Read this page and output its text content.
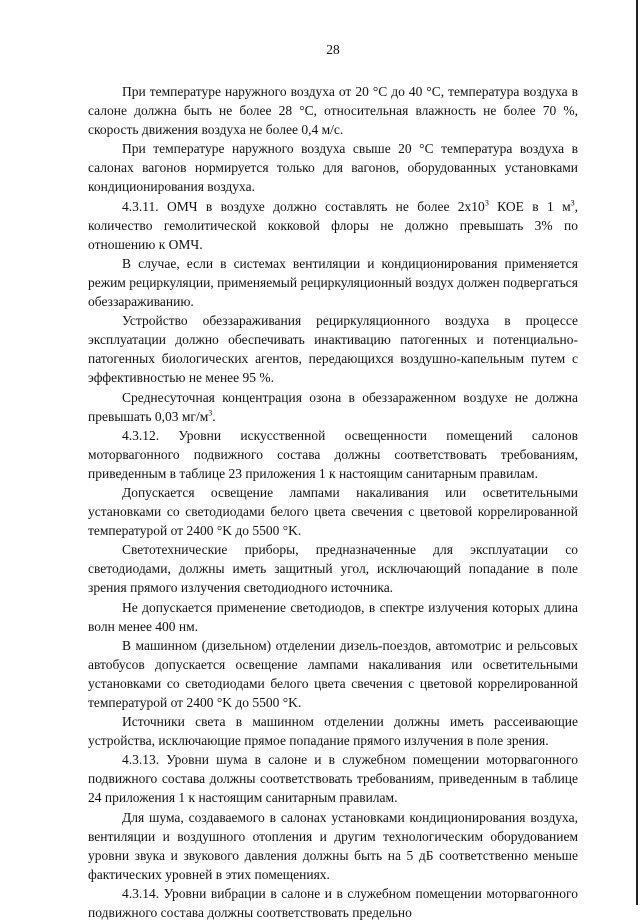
28

При температуре наружного воздуха от 20 °С до 40 °С, температура воздуха в салоне должна быть не более 28 °С, относительная влажность не более 70 %, скорость движения воздуха не более 0,4 м/с.

При температуре наружного воздуха свыше 20 °С температура воздуха в салонах вагонов нормируется только для вагонов, оборудованных установками кондиционирования воздуха.

4.3.11. ОМЧ в воздухе должно составлять не более $2х10^3$ КОЕ в 1 $м^3$, количество гемолитической кокковой флоры не должно превышать 3% по отношению к ОМЧ.

В случае, если в системах вентиляции и кондиционирования применяется режим рециркуляции, применяемый рециркуляционный воздух должен подвергаться обеззараживанию.

Устройство обеззараживания рециркуляционного воздуха в процессе эксплуатации должно обеспечивать инактивацию патогенных и потенциально-патогенных биологических агентов, передающихся воздушно-капельным путем с эффективностью не менее 95 %.

Среднесуточная концентрация озона в обеззараженном воздухе не должна превышать 0,03 $мг/м^3$.

4.3.12. Уровни искусственной освещенности помещений салонов моторвагонного подвижного состава должны соответствовать требованиям, приведенным в таблице 23 приложения 1 к настоящим санитарным правилам.

Допускается освещение лампами накаливания или осветительными установками со светодиодами белого цвета свечения с цветовой коррелированной температурой от 2400 °K до 5500 °K.

Светотехнические приборы, предназначенные для эксплуатации со светодиодами, должны иметь защитный угол, исключающий попадание в поле зрения прямого излучения светодиодного источника.

Не допускается применение светодиодов, в спектре излучения которых длина волн менее 400 нм.

В машинном (дизельном) отделении дизель-поездов, автомотрис и рельсовых автобусов допускается освещение лампами накаливания или осветительными установками со светодиодами белого цвета свечения с цветовой коррелированной температурой от 2400 °K до 5500 °K.

Источники света в машинном отделении должны иметь рассеивающие устройства, исключающие прямое попадание прямого излучения в поле зрения.

4.3.13. Уровни шума в салоне и в служебном помещении моторвагонного подвижного состава должны соответствовать требованиям, приведенным в таблице 24 приложения 1 к настоящим санитарным правилам.

Для шума, создаваемого в салонах установками кондиционирования воздуха, вентиляции и воздушного отопления и другим технологическим оборудованием уровни звука и звукового давления должны быть на 5 дБ соответственно меньше фактических уровней в этих помещениях.

4.3.14. Уровни вибрации в салоне и в служебном помещении моторвагонного подвижного состава должны соответствовать предельно
